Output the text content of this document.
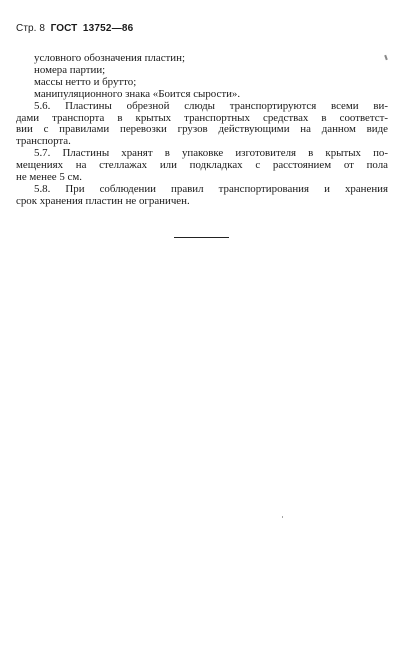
Стр. 8 ГОСТ 13752—86
условного обозначения пластин;
номера партии;
массы нетто и брутто;
манипуляционного знака «Боится сырости».
5.6. Пластины обрезной слюды транспортируются всеми ви-
дами транспорта в крытых транспортных средствах в соответст-
вии с правилами перевозки грузов действующими на данном виде
транспорта.
5.7. Пластины хранят в упаковке изготовителя в крытых по-
мещениях на стеллажах или подкладках с расстоянием от пола
не менее 5 см.
5.8. При соблюдении правил транспортирования и хранения
срок хранения пластин не ограничен.
